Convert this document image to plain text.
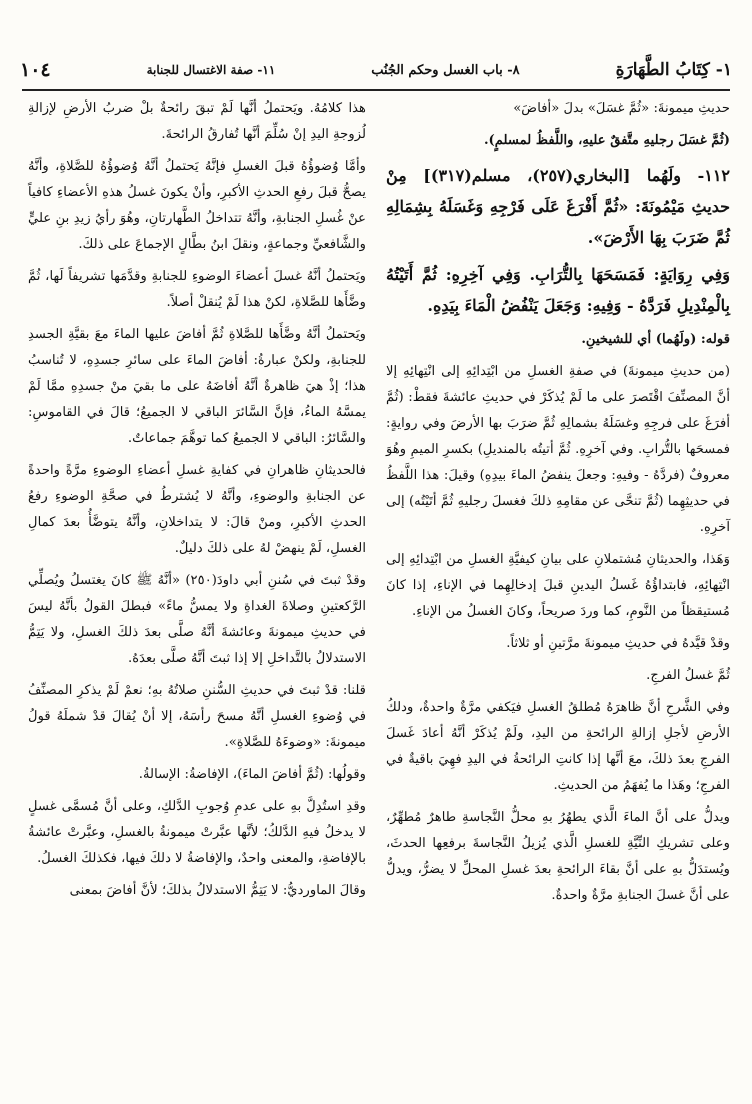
١- كِتَابُ الطَّهَارَةِ
٨- باب الغسل وحكم الجُنُب
١١- صفة الاغتسال للجنابة
١٠٤

حديثِ ميمونةَ: «ثُمَّ غسَلَ» بدلَ «أفاضَ»

(ثُمَّ غسَلَ رجليهِ متَّفقٌ عليهِ، واللَّفظُ لمسلمٍ).

١١٢- ولَهُما [البخاري(٢٥٧)، مسلم(٣١٧)] مِنْ حديثِ مَيْمُونَةَ: «ثُمَّ أَفْرَغَ عَلَى فَرْجِهِ وَغَسَلَهُ بِشِمَالِهِ ثُمَّ ضَرَبَ بِهَا الأَرْضَ».

وَفِي رِوَايَةٍ: فَمَسَحَهَا بِالتُّرَابِ. وَفِي آخِرِهِ: ثُمَّ أَتَيْتُهُ بِالْمِنْدِيلِ فَرَدَّهُ - وَفِيهِ: وَجَعَلَ يَنْفُضُ الْمَاءَ بِيَدِهِ.

قوله: (ولَهُما) أي للشيخينِ.

(من حديثِ ميمونةَ) في صفةِ الغسلِ من ابْتِدائِهِ إلى انْتِهائِهِ إلا أنَّ المصنِّفَ اقْتَصرَ على ما لَمْ يُذكَرْ في حديثِ عائشةَ فقطْ: (ثُمَّ أفرَغَ على فرجِهِ وغسَلَهُ بشمالِهِ ثُمَّ ضرَبَ بها الأرضَ وفي روايةٍ: فمسحَها بالتُّرابِ. وفي آخرِهِ. ثُمَّ أتيتُه بالمنديلِ) بكسرِ الميمِ وهُوَ معروفٌ (فردَّهُ - وفيهِ: وجعلَ ينفضُ الماءَ بيدِهِ) وقيلَ: هذا اللَّفظُ في حديثِهِما (ثُمَّ تنحَّى عن مقامِهِ ذلكَ فغسلَ رجليهِ ثُمَّ أتَيْتُه) إلى آخرِهِ.

وَهَذا، والحديثانِ مُشتملانِ على بيانِ كيفيَّةِ الغسلِ من ابْتِدائِهِ إلى انْتِهائِهِ، فابتداؤُهُ غَسلُ اليدينِ قبلَ إدخالِهِما في الإناءِ، إذا كانَ مُستيقظاً من النَّومِ، كما وردَ صريحاً، وكانَ الغسلُ من الإناءِ.

وقدْ قيَّدهُ في حديثِ ميمونةَ مرَّتينِ أو ثلاثاً.

ثُمَّ غسلُ الفرجِ.

وفي الشَّرحِ أنَّ ظاهرَهُ مُطلقُ الغسلِ فيَكفي مرَّةٌ واحدةٌ، ودلكُ الأرضِ لأجلِ إزالةِ الرائحةِ من اليدِ، ولَمْ يُذكَرْ أنَّهُ أعادَ غَسلَ الفرجِ بعدَ ذلكَ، معَ أنَّها إذا كانتِ الرائحةُ في اليدِ فهِيَ باقيةٌ في الفرجِ؛ وهَذا ما يُفهَمُ من الحديثِ.

ويدلُّ على أنَّ الماءَ الَّذي يطهُرُ بهِ محلُّ النَّجاسةِ طاهرٌ مُطهِّرٌ، وعلى تشريكِ النِّيَّةِ للغسلِ الَّذي يُزيلُ النَّجاسةَ برفعِها الحدثَ، ويُستدَلُّ بهِ على أنَّ بقاءَ الرائحةِ بعدَ غسلِ المحلِّ لا يضرُّ، ويدلُّ على أنَّ غسلَ الجنابةِ مرَّةٌ واحدةٌ.

هذا كلامُهُ. ويَحتملُ أنَّها لَمْ تبقَ رائحةٌ بلْ ضربُ الأرضِ لإزالةِ لُزوجةِ اليدِ إنْ سُلِّمَ أنَّها تُفارقُ الرائحةَ.

وأمَّا وُضوؤُهُ قبلَ الغسلِ فإنَّهُ يَحتملُ أنَّهُ وُضوؤُهُ للصَّلاةِ، وأنَّهُ يصحُّ قبلَ رفعِ الحدثِ الأكبرِ، وأنْ يكونَ غسلُ هذهِ الأعضاءِ كافياً عنْ غُسلِ الجنابةِ، وأنَّهُ تتداخلُ الطَّهارتانِ، وهُوَ رأيُ زيدِ بنِ عليٍّ والشَّافعيِّ وجماعةٍ، ونقلَ ابنُ بطَّالٍ الإجماعَ على ذلكَ.

ويَحتملُ أنَّهُ غسلَ أعضاءَ الوضوءِ للجنابةِ وقدَّمَها تشريفاً لَها، ثُمَّ وضَّأَها للصَّلاةِ، لكنْ هذا لَمْ يُنقلْ أصلاً.

ويَحتملُ أنَّهُ وضَّأَها للصَّلاةِ ثُمَّ أفاضَ عليها الماءَ معَ بقيَّةِ الجسدِ للجنابةِ، ولكنْ عبارةُ: أفاضَ الماءَ على سائرِ جسدِهِ، لا تُناسبُ هذا؛ إذْ هيَ ظاهرةٌ أنَّهُ أفاضَهُ على ما بقيَ منْ جسدِهِ ممَّا لَمْ يمسَّهُ الماءُ، فإنَّ السَّائرَ الباقي لا الجميعُ؛ قالَ في القاموسِ: والسَّائرُ: الباقي لا الجميعُ كما توهَّمَ جماعاتٌ.

فالحديثانِ ظاهرانِ في كفايةِ غسلِ أعضاءِ الوضوءِ مرَّةً واحدةً عن الجنابةِ والوضوءِ، وأنَّهُ لا يُشترطُ في صحَّةِ الوضوءِ رفعُ الحدثِ الأكبرِ، ومنْ قالَ: لا يتداخلانِ، وأنَّهُ يتوضَّأُ بعدَ كمالِ الغسلِ، لَمْ ينهضْ لهُ على ذلكَ دليلٌ.

وقدْ ثبتَ في سُننِ أبي داودَ(٢٥٠) «أنَّهُ ﷺ كانَ يغتسلُ ويُصلِّي الرَّكعتينِ وصلاةَ الغداةِ ولا يمسُّ ماءً» فبطلَ القولُ بأنَّهُ ليسَ في حديثِ ميمونةَ وعائشةَ أنَّهُ صلَّى بعدَ ذلكَ الغسلِ، ولا يَتِمُّ الاستدلالُ بالتَّداخلِ إلا إذا ثبتَ أنَّهُ صلَّى بعدَهُ.

قلنا: قدْ ثبتَ في حديثِ السُّننِ صلاتُهُ بهِ؛ نعمْ لَمْ يذكرِ المصنِّفُ في وُضوءِ الغسلِ أنَّهُ مسحَ رأسَهُ، إلا أنْ يُقالَ قدْ شملَهُ قولُ ميمونةَ: «وضوءَهُ للصَّلاةِ».

وقولُها: (ثُمَّ أفاضَ الماءَ)، الإفاضةُ: الإسالةُ.

وقدِ استُدِلَّ بهِ على عدمِ وُجوبِ الدَّلكِ، وعلى أنَّ مُسمَّى غسلٍ لا يدخلُ فيهِ الدَّلكُ؛ لأنَّها عبَّرتْ ميمونةُ بالغسلِ، وعبَّرتْ عائشةُ بالإفاضةِ، والمعنى واحدٌ، والإفاضةُ لا دلكَ فيها، فكذلكَ الغسلُ.

وقالَ الماورديُّ: لا يَتِمُّ الاستدلالُ بذلكَ؛ لأنَّ أفاضَ بمعنى
